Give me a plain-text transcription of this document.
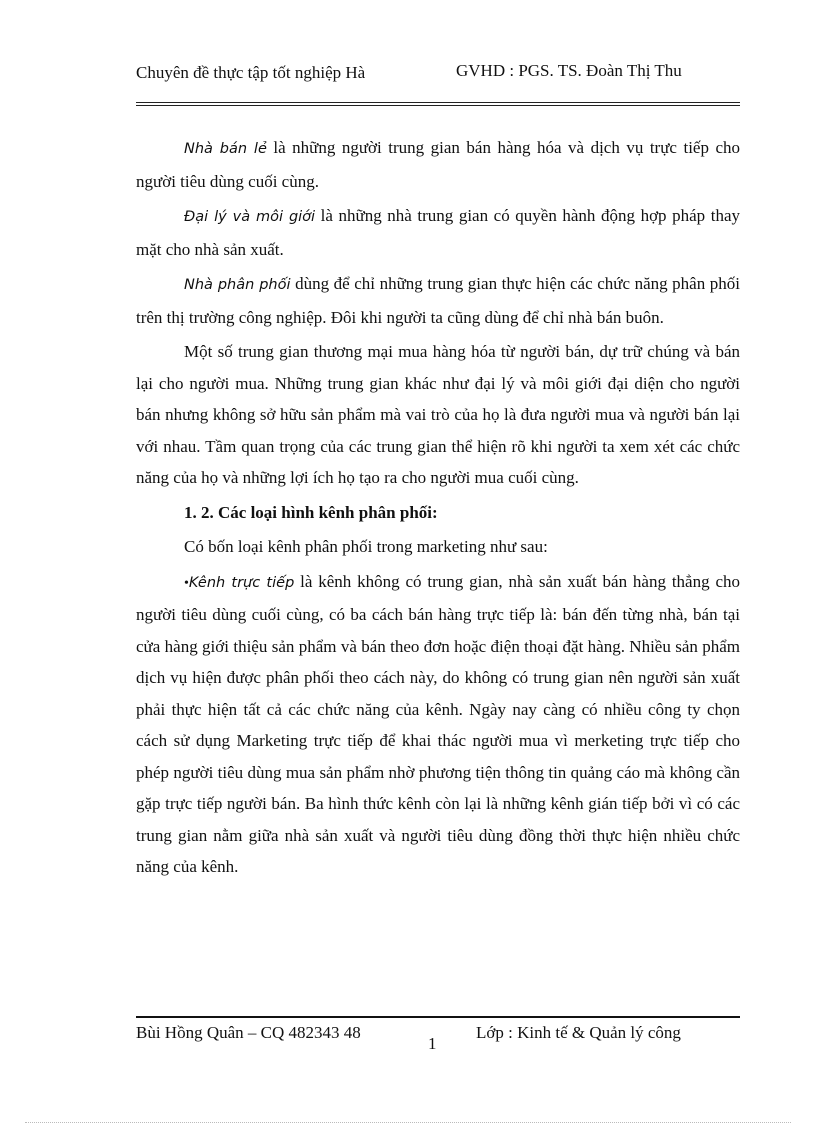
Chuyên đề thực tập tốt nghiệp Hà	GVHD : PGS. TS. Đoàn Thị Thu

Nhà bán lẻ là những người trung gian bán hàng hóa và dịch vụ trực tiếp cho người tiêu dùng cuối cùng.

Đại lý và môi giới là những nhà trung gian có quyền hành động hợp pháp thay mặt cho nhà sản xuất.

Nhà phân phối dùng để chỉ những trung gian thực hiện các chức năng phân phối trên thị trường công nghiệp. Đôi khi người ta cũng dùng để chỉ nhà bán buôn.

Một số trung gian thương mại mua hàng hóa từ người bán, dự trữ chúng và bán lại cho người mua. Những trung gian khác như đại lý và môi giới đại diện cho người bán nhưng không sở hữu sản phẩm mà vai trò của họ là đưa người mua và người bán lại với nhau. Tầm quan trọng của các trung gian thể hiện rõ khi người ta xem xét các chức năng của họ và những lợi ích họ tạo ra cho người mua cuối cùng.

1. 2. Các loại hình kênh phân phối:

Có bốn loại kênh phân phối trong marketing như sau:

•Kênh trực tiếp là kênh không có trung gian, nhà sản xuất bán hàng thẳng cho người tiêu dùng cuối cùng, có ba cách bán hàng trực tiếp là: bán đến từng nhà, bán tại cửa hàng giới thiệu sản phẩm và bán theo đơn hoặc điện thoại đặt hàng. Nhiều sản phẩm dịch vụ hiện được phân phối theo cách này, do không có trung gian nên người sản xuất phải thực hiện tất cả các chức năng của kênh. Ngày nay càng có nhiều công ty chọn cách sử dụng Marketing trực tiếp để khai thác người mua vì merketing trực tiếp cho phép người tiêu dùng mua sản phẩm nhờ phương tiện thông tin quảng cáo mà không cần gặp trực tiếp người bán. Ba hình thức kênh còn lại là những kênh gián tiếp bởi vì có các trung gian nằm giữa nhà sản xuất và người tiêu dùng đồng thời thực hiện nhiều chức năng của kênh.

Bùi Hồng Quân – CQ 482343 48
1
Lớp : Kinh tế & Quản lý công
